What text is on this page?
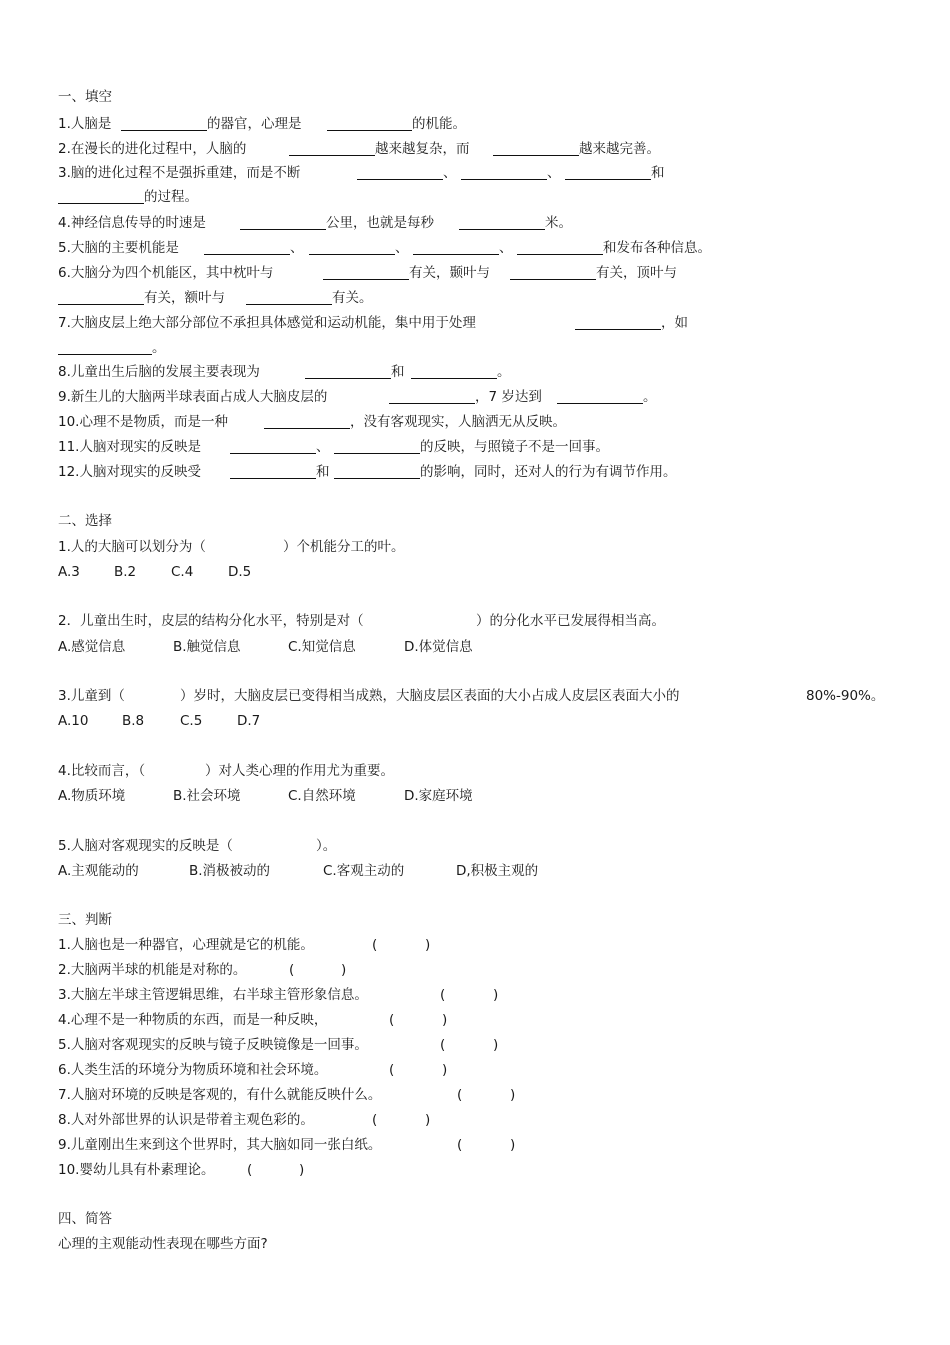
一、填空
1.人脑是	的器官，心理是	的机能。
2.在漫长的进化过程中，人脑的	越来越复杂，而	越来越完善。
3.脑的进化过程不是强拆重建，而是不断	、	、	和
的过程。
4.神经信息传导的时速是	公里，也就是每秒	米。
5.大脑的主要机能是	、	、	、	和发布各种信息。
6.大脑分为四个机能区，其中枕叶与	有关，颞叶与	有关，顶叶与
有关，额叶与	有关。
7.大脑皮层上绝大部分部位不承担具体感觉和运动机能，集中用于处理	，如
。
8.儿童出生后脑的发展主要表现为	和	。
9.新生儿的大脑两半球表面占成人大脑皮层的	，7 岁达到	。
10.心理不是物质，而是一种	，没有客观现实，人脑洒无从反映。
11.人脑对现实的反映是	、	的反映，与照镜子不是一回事。
12.人脑对现实的反映受	和	的影响，同时，还对人的行为有调节作用。
二、选择
1.人的大脑可以划分为（	）个机能分工的叶。
A.3	B.2	C.4	D.5
2．儿童出生时，皮层的结构分化水平，特别是对（	）的分化水平已发展得相当高。
A.感觉信息	B.触觉信息	C.知觉信息	D.体觉信息
3.儿童到（	）岁时，大脑皮层已变得相当成熟，大脑皮层区表面的大小占成人皮层区表面大小的	80%-90%。
A.10 B.8	C.5	D.7
4.比较而言，（	）对人类心理的作用尤为重要。
A.物质环境	B.社会环境	C.自然环境	D.家庭环境
5.人脑对客观现实的反映是（	）。
A.主观能动的	B.消极被动的	C.客观主动的	D,积极主观的
三、判断
1.人脑也是一种器官，心理就是它的机能。	(	)
2.大脑两半球的机能是对称的。	(	)
3.大脑左半球主管逻辑思维，右半球主管形象信息。	(	)
4.心理不是一种物质的东西，而是一种反映，	(	)
5.人脑对客观现实的反映与镜子反映镜像是一回事。	(	)
6.人类生活的环境分为物质环境和社会环境。	(	)
7.人脑对环境的反映是客观的，有什么就能反映什么。	(	)
8.人对外部世界的认识是带着主观色彩的。	(	)
9.儿童刚出生来到这个世界时，其大脑如同一张白纸。	(	)
10.婴幼儿具有朴素理论。 (	)
四、简答
心理的主观能动性表现在哪些方面?
